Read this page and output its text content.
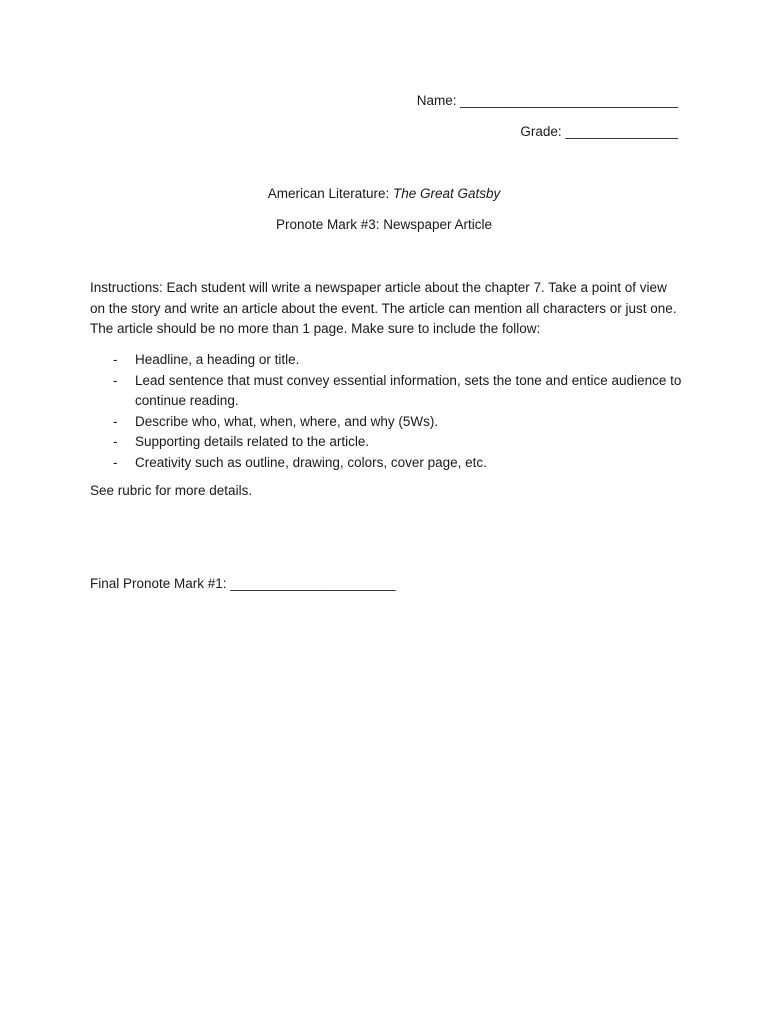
Name: _____________________________
Grade: _______________
American Literature: The Great Gatsby
Pronote Mark #3: Newspaper Article

Instructions: Each student will write a newspaper article about the chapter 7. Take a point of view on the story and write an article about the event. The article can mention all characters or just one. The article should be no more than 1 page. Make sure to include the follow:

- Headline, a heading or title.
- Lead sentence that must convey essential information, sets the tone and entice audience to continue reading.
- Describe who, what, when, where, and why (5Ws).
- Supporting details related to the article.
- Creativity such as outline, drawing, colors, cover page, etc.
See rubric for more details.
Final Pronote Mark #1: ______________________
